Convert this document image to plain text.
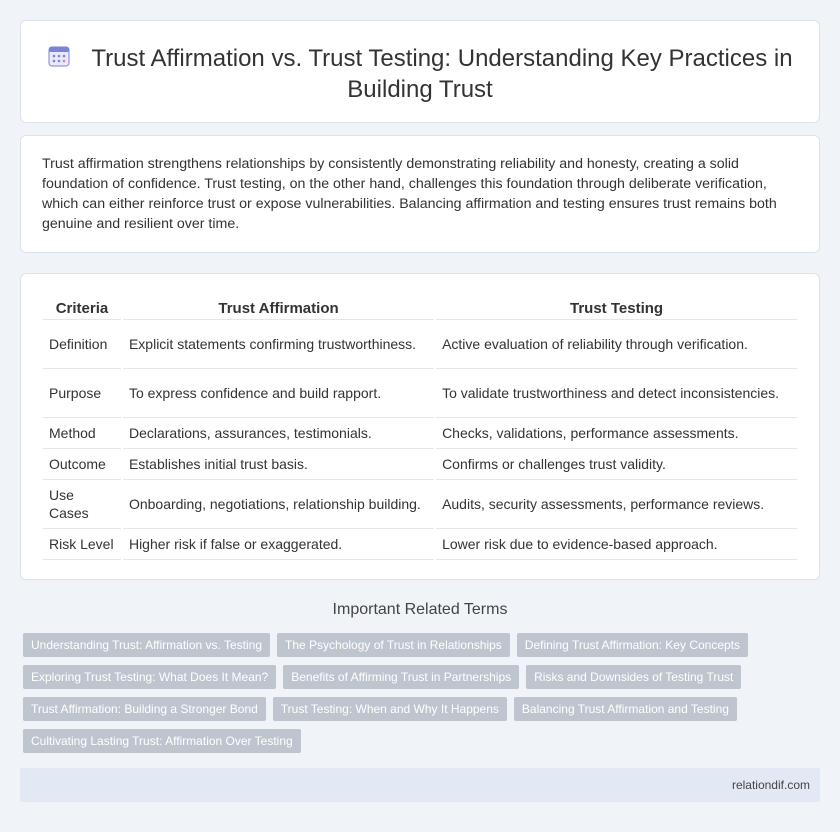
Trust Affirmation vs. Trust Testing: Understanding Key Practices in Building Trust

Trust affirmation strengthens relationships by consistently demonstrating reliability and honesty, creating a solid foundation of confidence. Trust testing, on the other hand, challenges this foundation through deliberate verification, which can either reinforce trust or expose vulnerabilities. Balancing affirmation and testing ensures trust remains both genuine and resilient over time.

Criteria	Trust Affirmation	Trust Testing
Definition	Explicit statements confirming trustworthiness.	Active evaluation of reliability through verification.
Purpose	To express confidence and build rapport.	To validate trustworthiness and detect inconsistencies.
Method	Declarations, assurances, testimonials.	Checks, validations, performance assessments.
Outcome	Establishes initial trust basis.	Confirms or challenges trust validity.
Use Cases	Onboarding, negotiations, relationship building.	Audits, security assessments, performance reviews.
Risk Level	Higher risk if false or exaggerated.	Lower risk due to evidence-based approach.
Important Related Terms
Understanding Trust: Affirmation vs. Testing	The Psychology of Trust in Relationships	Defining Trust Affirmation: Key Concepts
Exploring Trust Testing: What Does It Mean?	Benefits of Affirming Trust in Partnerships	Risks and Downsides of Testing Trust
Trust Affirmation: Building a Stronger Bond	Trust Testing: When and Why It Happens	Balancing Trust Affirmation and Testing
Cultivating Lasting Trust: Affirmation Over Testing
relationdif.com
